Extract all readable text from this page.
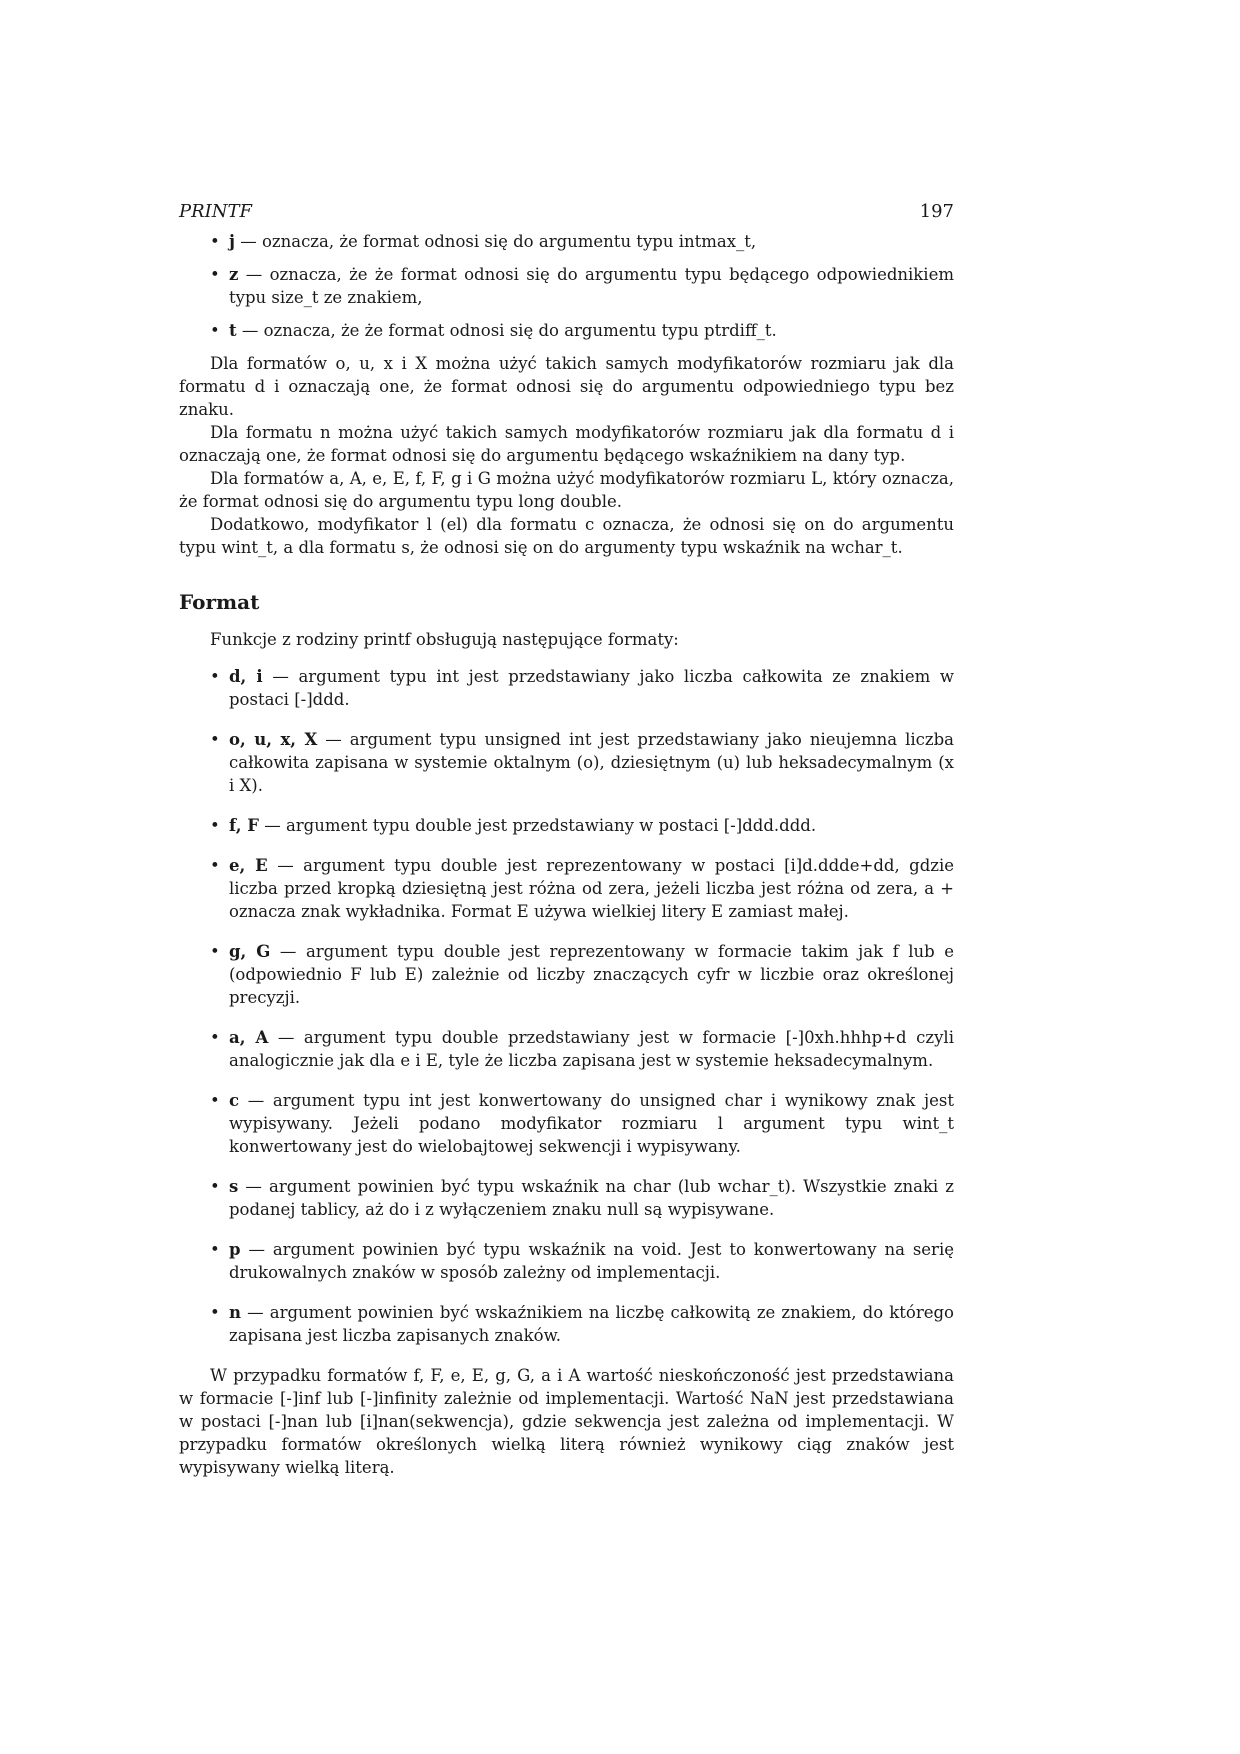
PRINTF	197
• j — oznacza, że format odnosi się do argumentu typu intmax_t,
• z — oznacza, że że format odnosi się do argumentu typu będącego odpowiednikiem typu size_t ze znakiem,
• t — oznacza, że że format odnosi się do argumentu typu ptrdiff_t.

Dla formatów o, u, x i X można użyć takich samych modyfikatorów rozmiaru jak dla formatu d i oznaczają one, że format odnosi się do argumentu odpowiedniego typu bez znaku.

Dla formatu n można użyć takich samych modyfikatorów rozmiaru jak dla formatu d i oznaczają one, że format odnosi się do argumentu będącego wskaźnikiem na dany typ.

Dla formatów a, A, e, E, f, F, g i G można użyć modyfikatorów rozmiaru L, który oznacza, że format odnosi się do argumentu typu long double.

Dodatkowo, modyfikator l (el) dla formatu c oznacza, że odnosi się on do argumentu typu wint_t, a dla formatu s, że odnosi się on do argumenty typu wskaźnik na wchar_t.

Format

Funkcje z rodziny printf obsługują następujące formaty:

• d, i — argument typu int jest przedstawiany jako liczba całkowita ze znakiem w postaci [-]ddd.
• o, u, x, X — argument typu unsigned int jest przedstawiany jako nieujemna liczba całkowita zapisana w systemie oktalnym (o), dziesiętnym (u) lub heksadecymalnym (x i X).
• f, F — argument typu double jest przedstawiany w postaci [-]ddd.ddd.
• e, E — argument typu double jest reprezentowany w postaci [i]d.ddde+dd, gdzie liczba przed kropką dziesiętną jest różna od zera, jeżeli liczba jest różna od zera, a + oznacza znak wykładnika. Format E używa wielkiej litery E zamiast małej.
• g, G — argument typu double jest reprezentowany w formacie takim jak f lub e (odpowiednio F lub E) zależnie od liczby znaczących cyfr w liczbie oraz określonej precyzji.
• a, A — argument typu double przedstawiany jest w formacie [-]0xh.hhhp+d czyli analogicznie jak dla e i E, tyle że liczba zapisana jest w systemie heksadecymalnym.
• c — argument typu int jest konwertowany do unsigned char i wynikowy znak jest wypisywany. Jeżeli podano modyfikator rozmiaru l argument typu wint_t konwertowany jest do wielobajtowej sekwencji i wypisywany.
• s — argument powinien być typu wskaźnik na char (lub wchar_t). Wszystkie znaki z podanej tablicy, aż do i z wyłączeniem znaku null są wypisywane.
• p — argument powinien być typu wskaźnik na void. Jest to konwertowany na serię drukowalnych znaków w sposób zależny od implementacji.
• n — argument powinien być wskaźnikiem na liczbę całkowitą ze znakiem, do którego zapisana jest liczba zapisanych znaków.

W przypadku formatów f, F, e, E, g, G, a i A wartość nieskończoność jest przedstawiana w formacie [-]inf lub [-]infinity zależnie od implementacji. Wartość NaN jest przedstawiana w postaci [-]nan lub [i]nan(sekwencja), gdzie sekwencja jest zależna od implementacji. W przypadku formatów określonych wielką literą również wynikowy ciąg znaków jest wypisywany wielką literą.
